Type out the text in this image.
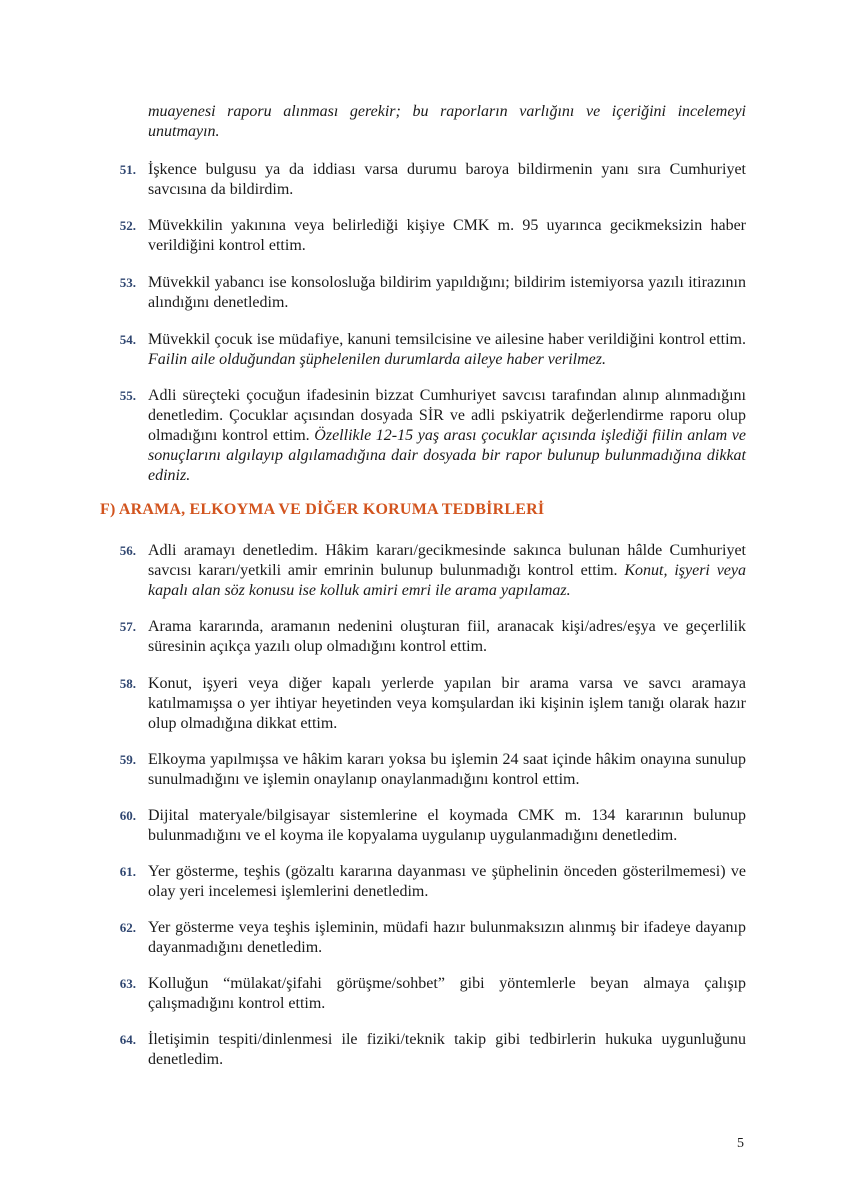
muayenesi raporu alınması gerekir; bu raporların varlığını ve içeriğini incelemeyi unutmayın.

51. İşkence bulgusu ya da iddiası varsa durumu baroya bildirmenin yanı sıra Cumhuriyet savcısına da bildirdim.
52. Müvekkilin yakınına veya belirlediği kişiye CMK m. 95 uyarınca gecikmeksizin haber verildiğini kontrol ettim.
53. Müvekkil yabancı ise konsolosluğa bildirim yapıldığını; bildirim istemiyorsa yazılı itirazının alındığını denetledim.
54. Müvekkil çocuk ise müdafiye, kanuni temsilcisine ve ailesine haber verildiğini kontrol ettim. Failin aile olduğundan şüphelenilen durumlarda aileye haber verilmez.
55. Adli süreçteki çocuğun ifadesinin bizzat Cumhuriyet savcısı tarafından alınıp alınmadığını denetledim. Çocuklar açısından dosyada SİR ve adli pskiyatrik değerlendirme raporu olup olmadığını kontrol ettim. Özellikle 12-15 yaş arası çocuklar açısında işlediği fiilin anlam ve sonuçlarını algılayıp algılamadığına dair dosyada bir rapor bulunup bulunmadığına dikkat ediniz.
F) ARAMA, ELKOYMA VE DİĞER KORUMA TEDBİRLERİ
56. Adli aramayı denetledim. Hâkim kararı/gecikmesinde sakınca bulunan hâlde Cumhuriyet savcısı kararı/yetkili amir emrinin bulunup bulunmadığı kontrol ettim. Konut, işyeri veya kapalı alan söz konusu ise kolluk amiri emri ile arama yapılamaz.
57. Arama kararında, aramanın nedenini oluşturan fiil, aranacak kişi/adres/eşya ve geçerlilik süresinin açıkça yazılı olup olmadığını kontrol ettim.
58. Konut, işyeri veya diğer kapalı yerlerde yapılan bir arama varsa ve savcı aramaya katılmamışsa o yer ihtiyar heyetinden veya komşulardan iki kişinin işlem tanığı olarak hazır olup olmadığına dikkat ettim.
59. Elkoyma yapılmışsa ve hâkim kararı yoksa bu işlemin 24 saat içinde hâkim onayına sunulup sunulmadığını ve işlemin onaylanıp onaylanmadığını kontrol ettim.
60. Dijital materyale/bilgisayar sistemlerine el koymada CMK m. 134 kararının bulunup bulunmadığını ve el koyma ile kopyalama uygulanıp uygulanmadığını denetledim.
61. Yer gösterme, teşhis (gözaltı kararına dayanması ve şüphelinin önceden gösterilmemesi) ve olay yeri incelemesi işlemlerini denetledim.
62. Yer gösterme veya teşhis işleminin, müdafi hazır bulunmaksızın alınmış bir ifadeye dayanıp dayanmadığını denetledim.
63. Kolluğun “mülakat/şifahi görüşme/sohbet” gibi yöntemlerle beyan almaya çalışıp çalışmadığını kontrol ettim.
64. İletişimin tespiti/dinlenmesi ile fiziki/teknik takip gibi tedbirlerin hukuka uygunluğunu denetledim.
5
